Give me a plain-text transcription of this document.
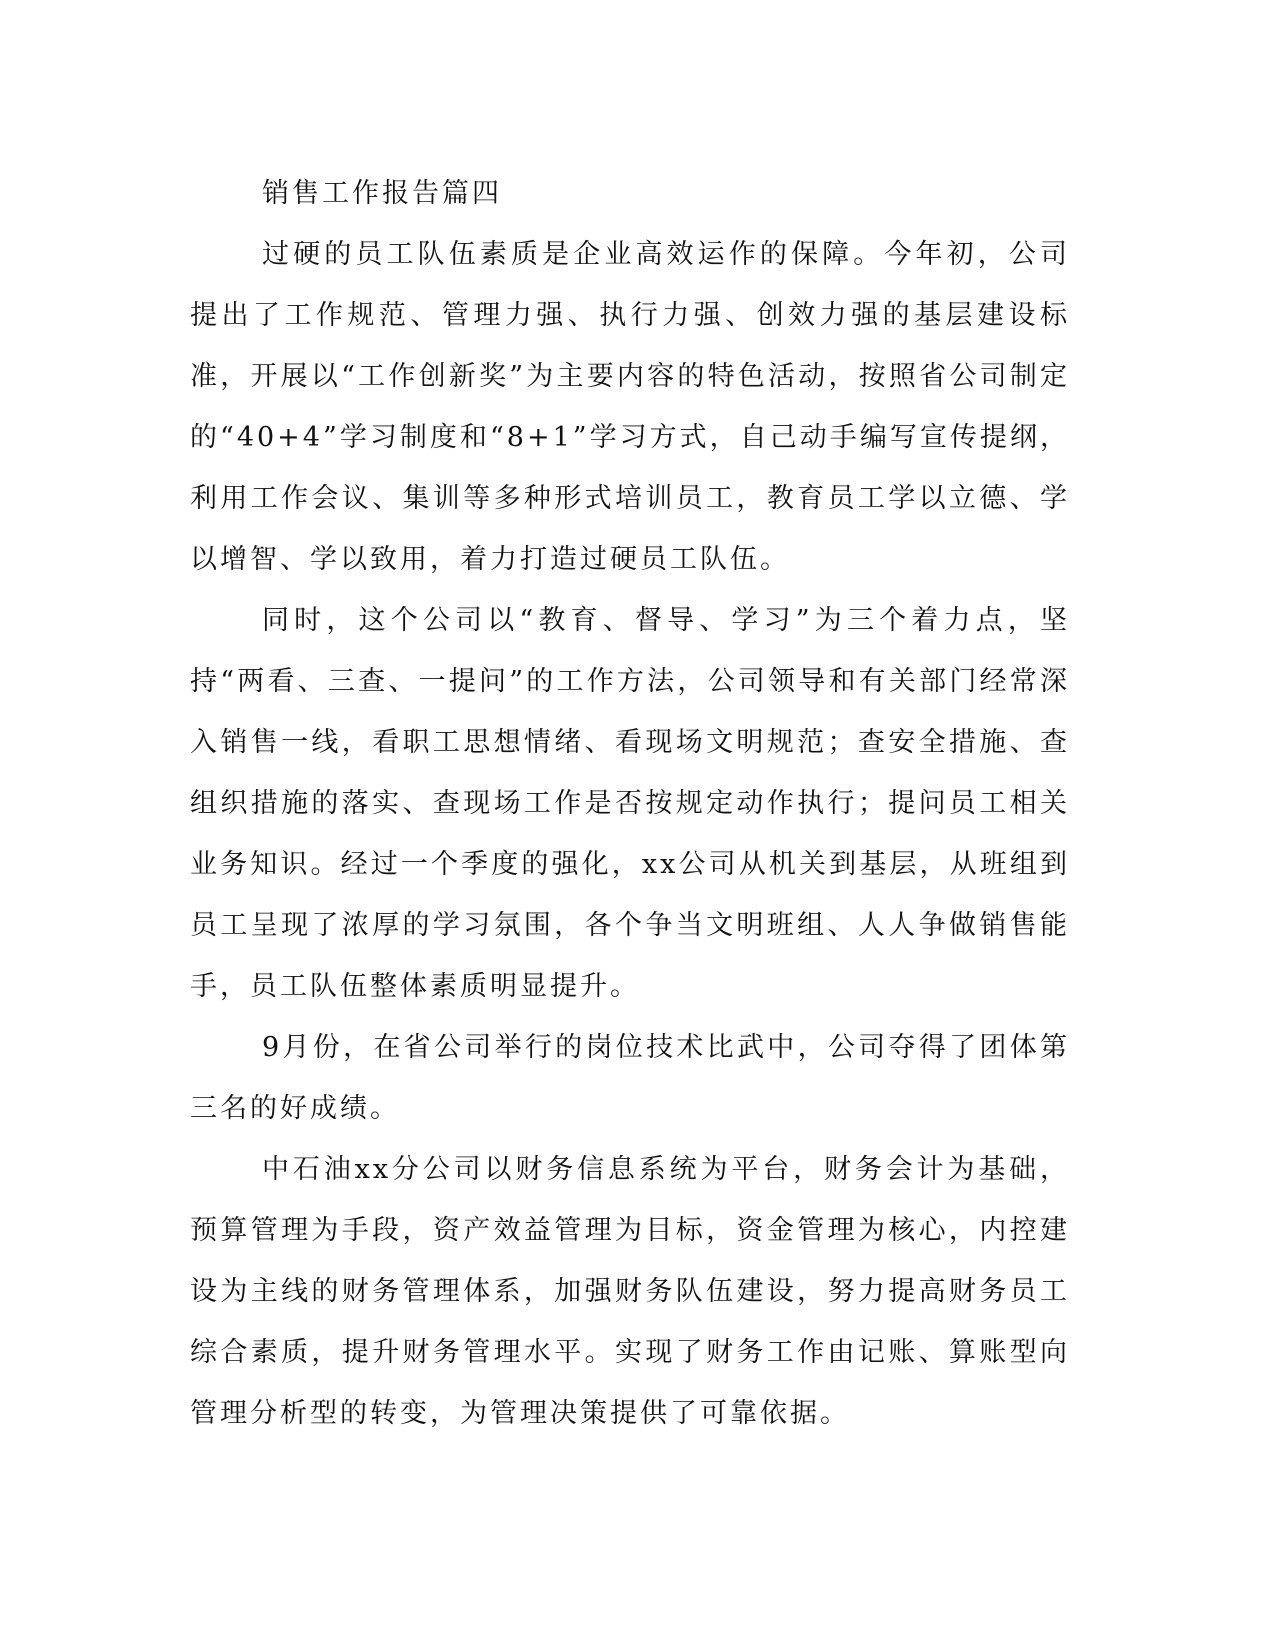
销售工作报告篇四
过硬的员工队伍素质是企业高效运作的保障。今年初，公司提出了工作规范、管理力强、执行力强、创效力强的基层建设标准，开展以“工作创新奖”为主要内容的特色活动，按照省公司制定的“40+4”学习制度和“8+1”学习方式，自己动手编写宣传提纲，利用工作会议、集训等多种形式培训员工，教育员工学以立德、学以增智、学以致用，着力打造过硬员工队伍。
同时，这个公司以“教育、督导、学习”为三个着力点，坚持“两看、三查、一提问”的工作方法，公司领导和有关部门经常深入销售一线，看职工思想情绪、看现场文明规范；查安全措施、查组织措施的落实、查现场工作是否按规定动作执行；提问员工相关业务知识。经过一个季度的强化，xx公司从机关到基层，从班组到员工呈现了浓厚的学习氛围，各个争当文明班组、人人争做销售能手，员工队伍整体素质明显提升。
9月份，在省公司举行的岗位技术比武中，公司夺得了团体第三名的好成绩。
中石油xx分公司以财务信息系统为平台，财务会计为基础，预算管理为手段，资产效益管理为目标，资金管理为核心，内控建设为主线的财务管理体系，加强财务队伍建设，努力提高财务员工综合素质，提升财务管理水平。实现了财务工作由记账、算账型向管理分析型的转变，为管理决策提供了可靠依据。
